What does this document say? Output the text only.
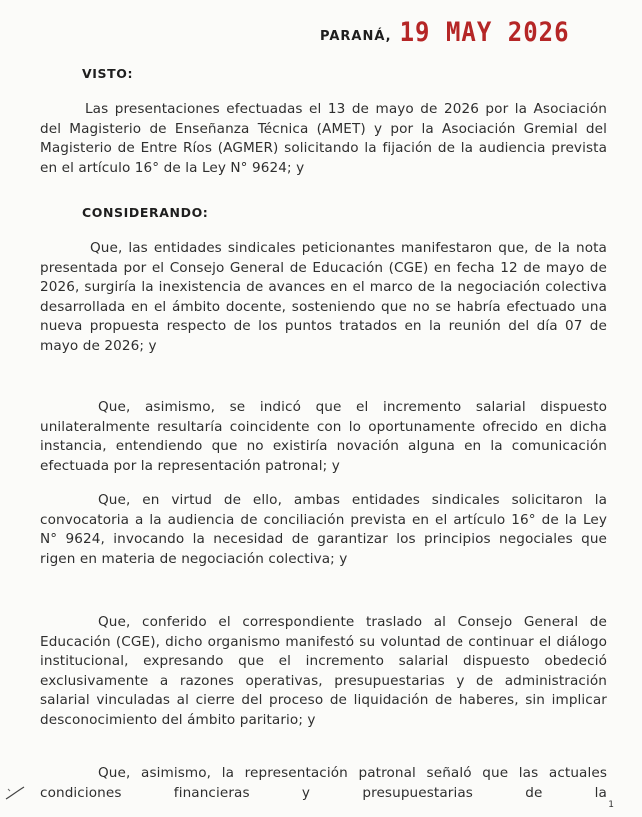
PARANÁ, 19 MAY 2026
VISTO:
Las presentaciones efectuadas el 13 de mayo de 2026 por la Asociación del Magisterio de Enseñanza Técnica (AMET) y por la Asociación Gremial del Magisterio de Entre Ríos (AGMER) solicitando la fijación de la audiencia prevista en el artículo 16° de la Ley N° 9624; y
CONSIDERANDO:
Que, las entidades sindicales peticionantes manifestaron que, de la nota presentada por el Consejo General de Educación (CGE) en fecha 12 de mayo de 2026, surgiría la inexistencia de avances en el marco de la negociación colectiva desarrollada en el ámbito docente, sosteniendo que no se habría efectuado una nueva propuesta respecto de los puntos tratados en la reunión del día 07 de mayo de 2026; y
Que, asimismo, se indicó que el incremento salarial dispuesto unilateralmente resultaría coincidente con lo oportunamente ofrecido en dicha instancia, entendiendo que no existiría novación alguna en la comunicación efectuada por la representación patronal; y
Que, en virtud de ello, ambas entidades sindicales solicitaron la convocatoria a la audiencia de conciliación prevista en el artículo 16° de la Ley N° 9624, invocando la necesidad de garantizar los principios negociales que rigen en materia de negociación colectiva; y
Que, conferido el correspondiente traslado al Consejo General de Educación (CGE), dicho organismo manifestó su voluntad de continuar el diálogo institucional, expresando que el incremento salarial dispuesto obedeció exclusivamente a razones operativas, presupuestarias y de administración salarial vinculadas al cierre del proceso de liquidación de haberes, sin implicar desconocimiento del ámbito paritario; y
Que, asimismo, la representación patronal señaló que las actuales condiciones financieras y presupuestarias de la
1
